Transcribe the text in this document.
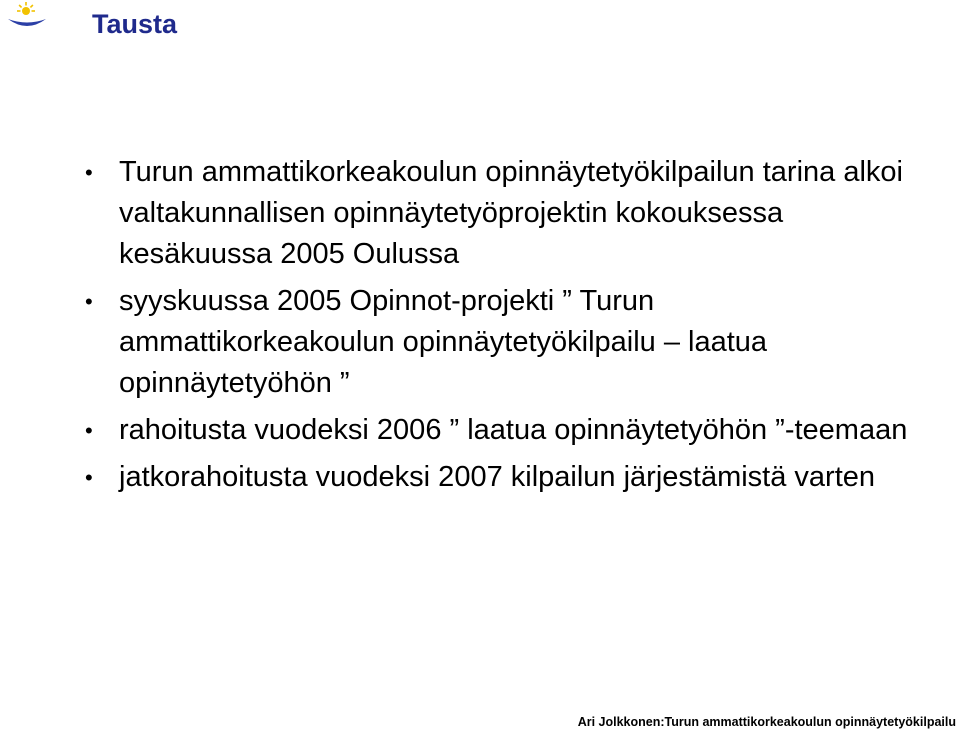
Tausta
• Turun ammattikorkeakoulun opinnäytetyökilpailun tarina alkoi valtakunnallisen opinnäytetyöprojektin kokouksessa kesäkuussa 2005 Oulussa
• syyskuussa 2005 Opinnot-projekti ” Turun ammattikorkeakoulun opinnäytetyökilpailu – laatua opinnäytetyöhön ”
• rahoitusta vuodeksi 2006 ” laatua opinnäytetyöhön ”-teemaan
• jatkorahoitusta vuodeksi 2007 kilpailun järjestämistä varten
Ari Jolkkonen:Turun ammattikorkeakoulun opinnäytetyökilpailu
